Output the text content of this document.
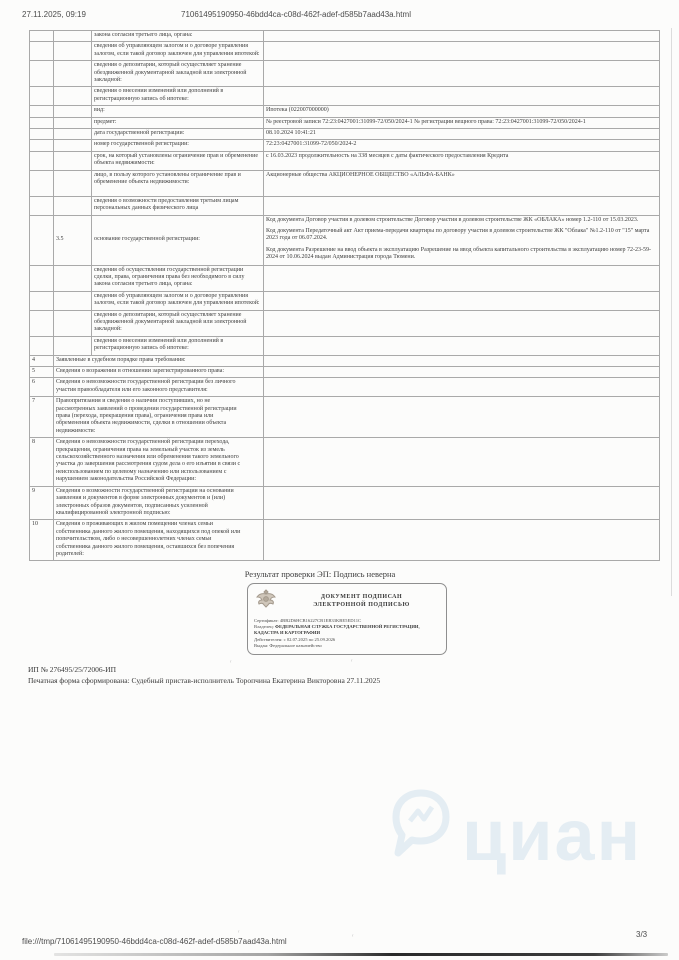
27.11.2025, 09:19	71061495190950-46bdd4ca-c08d-462f-adef-d585b7aad43a.html
		закона согласия третьего лица, органа:	
		сведения об управляющем залогом и о договоре управления залогом, если такой договор заключен для управления ипотекой:	
		сведения о депозитарии, который осуществляет хранение обездвиженной документарной закладной или электронной закладной:	
		сведения о внесении изменений или дополнений в регистрационную запись об ипотеке:	
		вид:	Ипотека (022007000000)
		предмет:	№ реестровой записи 72:23:0427001:31099-72/050/2024-1 № регистрации вещного права: 72:23:0427001:31099-72/050/2024-1
		дата государственной регистрации:	08.10.2024 10:41:21
		номер государственной регистрации:	72:23:0427001:31099-72/050/2024-2
		срок, на который установлены ограничение прав и обременение объекта недвижимости:	с 16.03.2023 продолжительность на 338 месяцев с даты фактического предоставления Кредита
		лицо, в пользу которого установлены ограничение прав и обременение объекта недвижимости:	Акционерные общества АКЦИОНЕРНОЕ ОБЩЕСТВО «АЛЬФА-БАНК»
		сведения о возможности предоставления третьим лицам персональных данных физического лица	
	3.5	основание государственной регистрации:	Код документа Договор участия в долевом строительстве Договор участия в долевом строительстве ЖК «ОБЛАКА» номер 1.2-110 от 15.03.2023.

Код документа Передаточный акт Акт приема-передачи квартиры по договору участия в долевом строительстве ЖК "Облака" №1.2-110 от "15" марта 2023 года от 06.07.2024.

Код документа Разрешение на ввод объекта в эксплуатацию Разрешение на ввод объекта капитального строительства в эксплуатацию номер 72-23-59-2024 от 10.06.2024 выдан Администрация города Тюмени.

		сведения об осуществлении государственной регистрации сделки, права, ограничения права без необходимого в силу закона согласия третьего лица, органа:	
		сведения об управляющем залогом и о договоре управления залогом, если такой договор заключен для управления ипотекой:	
		сведения о депозитарии, который осуществляет хранение обездвиженной документарной закладной или электронной закладной:	
		сведения о внесении изменений или дополнений в регистрационную запись об ипотеке:	
4	Заявленные в судебном порядке права требования:		
5	Сведения о возражении в отношении зарегистрированного права:		
6	Сведения о невозможности государственной регистрации без личного участия правообладателя или его законного представителя:		
7	Правопритязания и сведения о наличии поступивших, но не рассмотренных заявлений о проведении государственной регистрации права (перехода, прекращения права), ограничения права или обременения объекта недвижимости, сделки в отношении объекта недвижимости:		
8	Сведения о невозможности государственной регистрации перехода, прекращения, ограничения права на земельный участок из земель сельскохозяйственного назначения или обременения такого земельного участка до завершения рассмотрения судом дела о его изъятии в связи с неиспользованием по целевому назначению или использованием с нарушением законодательства Российской Федерации:		
9	Сведения о возможности государственной регистрации на основании заявления и документов в форме электронных документов и (или) электронных образов документов, подписанных усиленной квалифицированной электронной подписью:		
10	Сведения о проживающих в жилом помещении членах семьи собственника данного жилого помещения, находящихся под опекой или попечительством, либо о несовершеннолетних членах семьи собственника данного жилого помещения, оставшихся без попечения родителей:		
Результат проверки ЭП: Подпись неверна
ДОКУМЕНТ ПОДПИСАН
ЭЛЕКТРОННОЙ ПОДПИСЬЮ
Сертификат: 4BB2D6HCB16227CB1EB33KBE5ED11C
Владелец: ФЕДЕРАЛЬНАЯ СЛУЖБА ГОСУДАРСТВЕННОЙ РЕГИСТРАЦИИ, КАДАСТРА И КАРТОГРАФИИ
Действителен: с 02.07.2025 по 25.09.2026
Выдан: Федеральное казначейство
ИП № 276495/25/72006-ИП
Печатная форма сформирована: Судебный пристав-исполнитель Торопчина Екатерина Викторовна 27.11.2025
циан
ᵗ	ᵗ
ᵗ
ᵗ
file:///tmp/71061495190950-46bdd4ca-c08d-462f-adef-d585b7aad43a.html
3/3
